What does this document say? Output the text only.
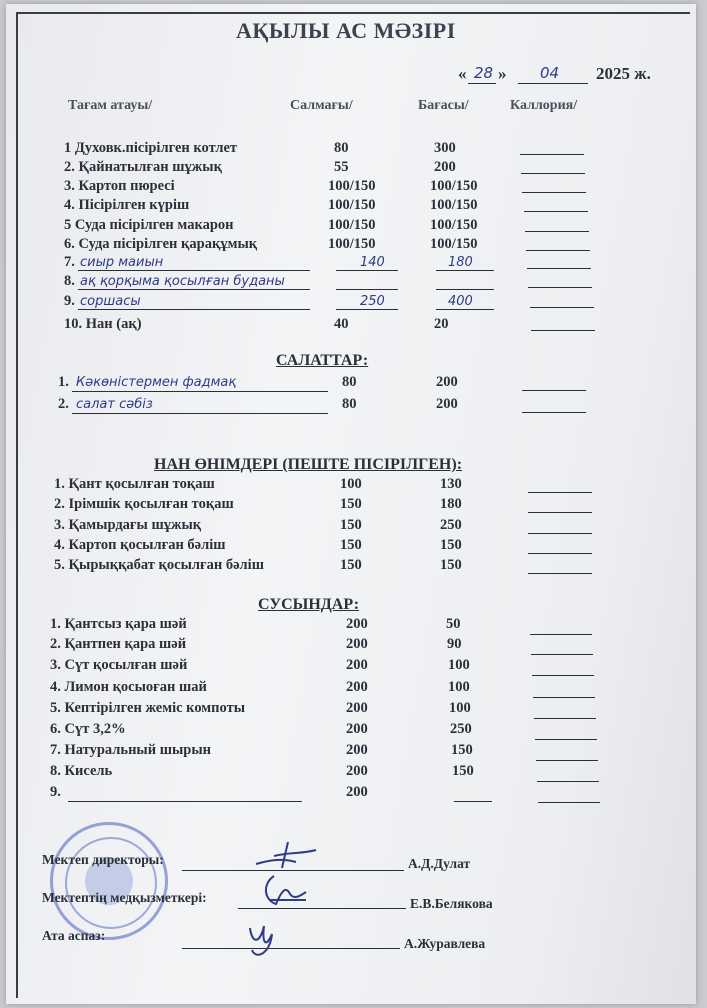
АҚЫЛЫ АС МӘЗІРІ
« 28 » 04 2025 ж.
Тағам атауы/	Салмағы/	Бағасы/	Каллория/
1 Духовк.пісірілген котлет	80	300
2. Қайнатылған шұжық	55	200
3. Картоп пюресі	100/150	100/150
4. Пісірілген күріш	100/150	100/150
5 Суда пісірілген макарон	100/150	100/150
6. Суда пісірілген қарақұмық	100/150	100/150
7. сиыр маиын	140	180
8. ақ қорқыма қосылған буданы
9. соршасы	250	400
10. Нан (ақ)	40	20
САЛАТТАР:
1. Кәкөністермен фадмақ	80	200
2. салат сәбіз	80	200
НАН ӨНІМДЕРІ (ПЕШТЕ ПІСІРІЛГЕН):
1. Қант қосылған тоқаш	100	130
2. Ірімшік қосылған тоқаш	150	180
3. Қамырдағы шұжық	150	250
4. Картоп қосылған бәліш	150	150
5. Қырыққабат қосылған бәліш	150	150
СУСЫНДАР:
1. Қантсыз қара шәй	200	50
2. Қантпен қара шәй	200	90
3. Сүт қосылған шәй	200	100
4. Лимон қосыоған шай	200	100
5. Кептірілген жеміс компоты	200	100
6. Сүт 3,2%	200	250
7. Натуральный шырын	200	150
8. Кисель	200	150
9.	200
Мектеп директоры:	А.Д.Дулат
Мектептің медқызметкері:	Е.В.Белякова
Ата аспаз:
А.Журавлева
